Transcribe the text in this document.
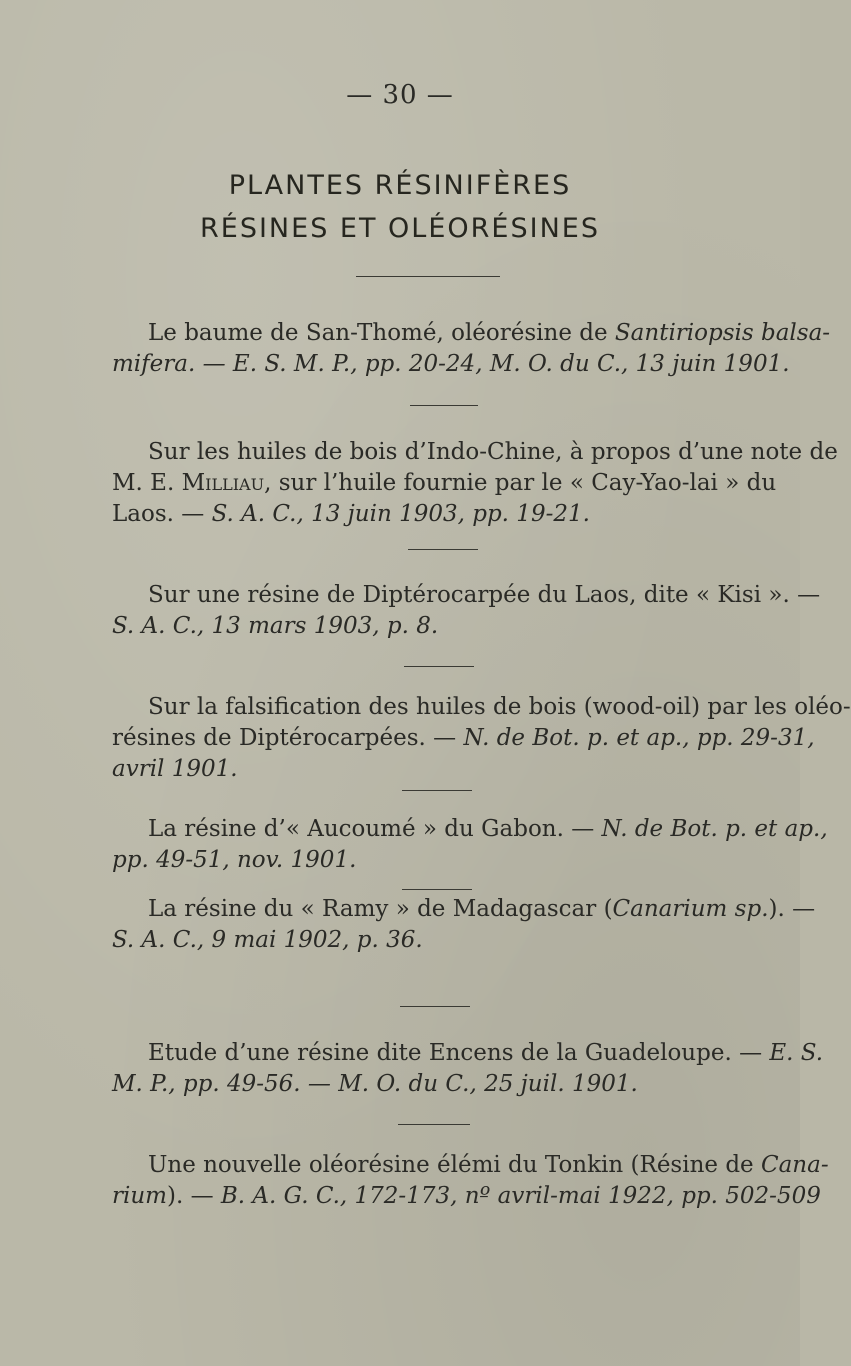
— 30 —
PLANTES RÉSINIFÈRES
RÉSINES ET OLÉORÉSINES
Le baume de San-Thomé, oléorésine de Santiriopsis balsa-
mifera. — E. S. M. P., pp. 20-24, M. O. du C., 13 juin 1901.
Sur les huiles de bois d’Indo-Chine, à propos d’une note de
M. E. Milliau, sur l’huile fournie par le « Cay-Yao-lai » du
Laos. — S. A. C., 13 juin 1903, pp. 19-21.
Sur une résine de Diptérocarpée du Laos, dite « Kisi ». —
S. A. C., 13 mars 1903, p. 8.
Sur la falsification des huiles de bois (wood-oil) par les oléo-
résines de Diptérocarpées. — N. de Bot. p. et ap., pp. 29-31,
avril 1901.
La résine d’« Aucoumé » du Gabon. — N. de Bot. p. et ap.,
pp. 49-51, nov. 1901.
La résine du « Ramy » de Madagascar (Canarium sp.). —
S. A. C., 9 mai 1902, p. 36.
Etude d’une résine dite Encens de la Guadeloupe. — E. S.
M. P., pp. 49-56. — M. O. du C., 25 juil. 1901.
Une nouvelle oléorésine élémi du Tonkin (Résine de Cana-
rium). — B. A. G. C., 172-173, nº avril-mai 1922, pp. 502-509
